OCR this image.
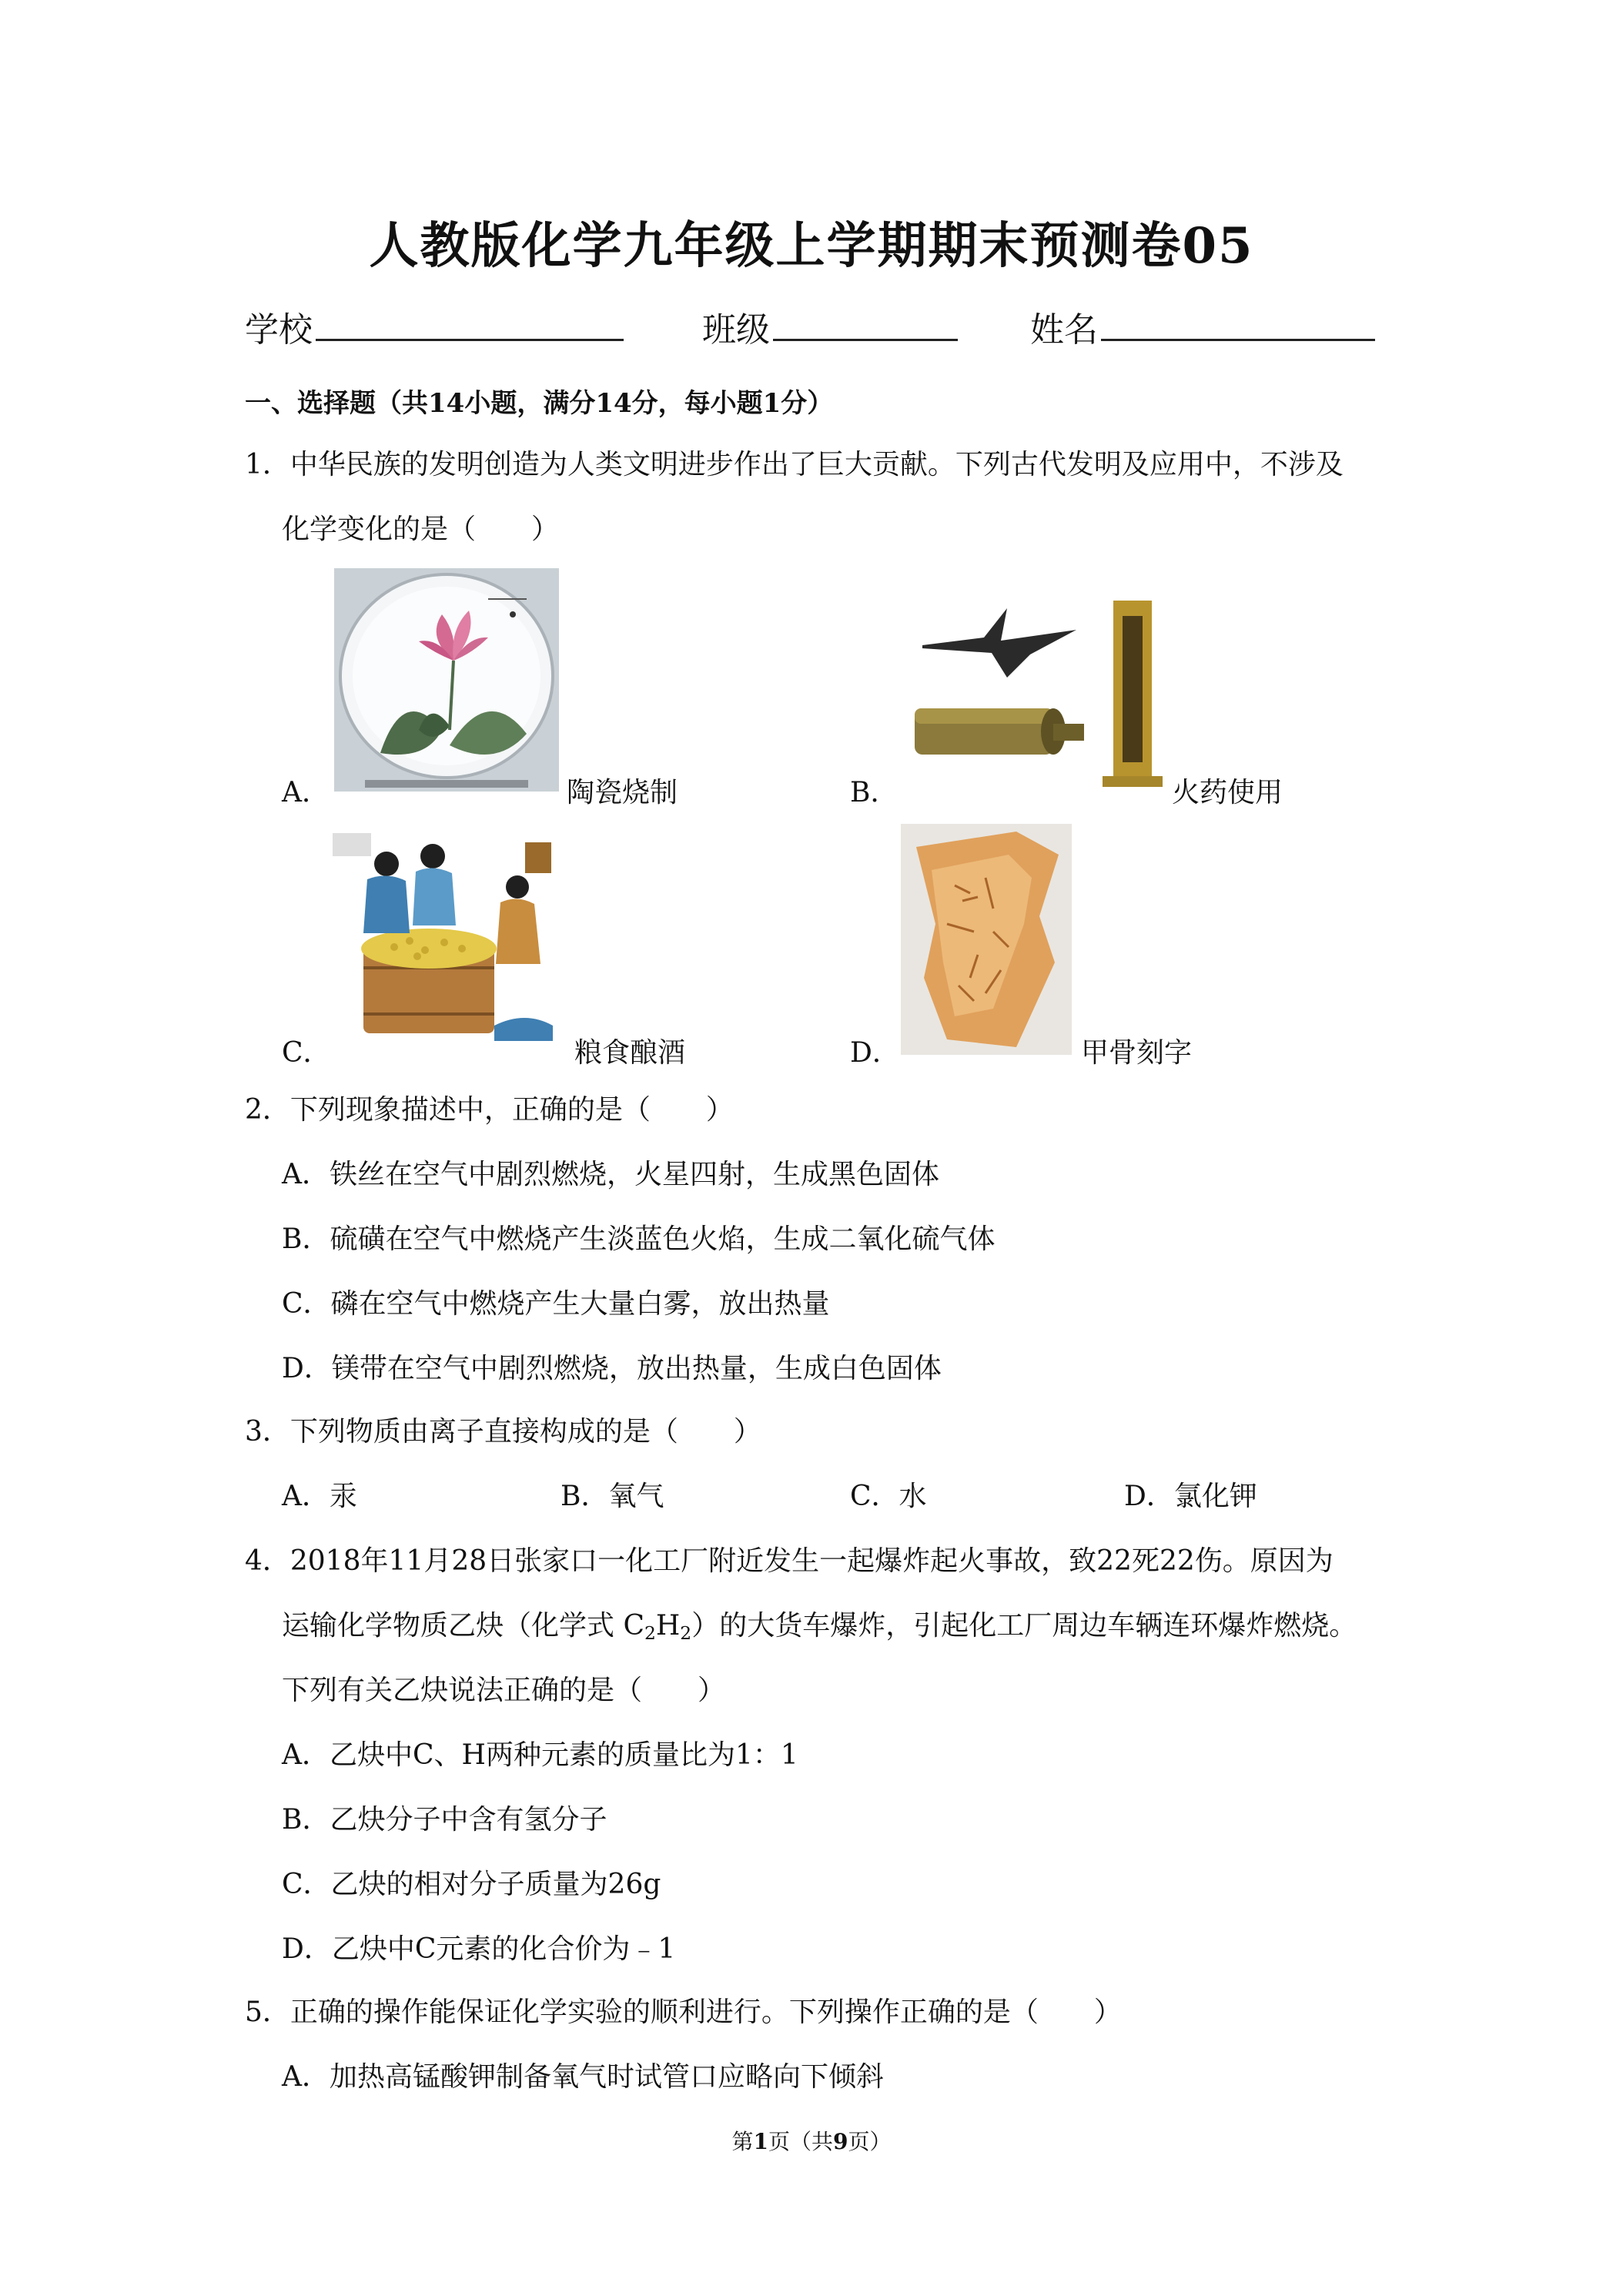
人教版化学九年级上学期期末预测卷05
学校	班级	姓名
一、选择题（共14小题，满分14分，每小题1分）
1．中华民族的发明创造为人类文明进步作出了巨大贡献。下列古代发明及应用中，不涉及
化学变化的是（　　）
A．	陶瓷烧制	B．	火药使用
C．	粮食酿酒	D．	甲骨刻字
2．下列现象描述中，正确的是（　　）
A．铁丝在空气中剧烈燃烧，火星四射，生成黑色固体
B．硫磺在空气中燃烧产生淡蓝色火焰，生成二氧化硫气体
C．磷在空气中燃烧产生大量白雾，放出热量
D．镁带在空气中剧烈燃烧，放出热量，生成白色固体
3．下列物质由离子直接构成的是（　　）
A．汞	B．氧气	C．水	D．氯化钾
4．2018年11月28日张家口一化工厂附近发生一起爆炸起火事故，致22死22伤。原因为
运输化学物质乙炔（化学式 $C_2H_2$）的大货车爆炸，引起化工厂周边车辆连环爆炸燃烧。
下列有关乙炔说法正确的是（　　）
A．乙炔中C、H两种元素的质量比为1：1
B．乙炔分子中含有氢分子
C．乙炔的相对分子质量为26g
D．乙炔中C元素的化合价为﹣1
5．正确的操作能保证化学实验的顺利进行。下列操作正确的是（　　）
A．加热高锰酸钾制备氧气时试管口应略向下倾斜
第1页（共9页）
